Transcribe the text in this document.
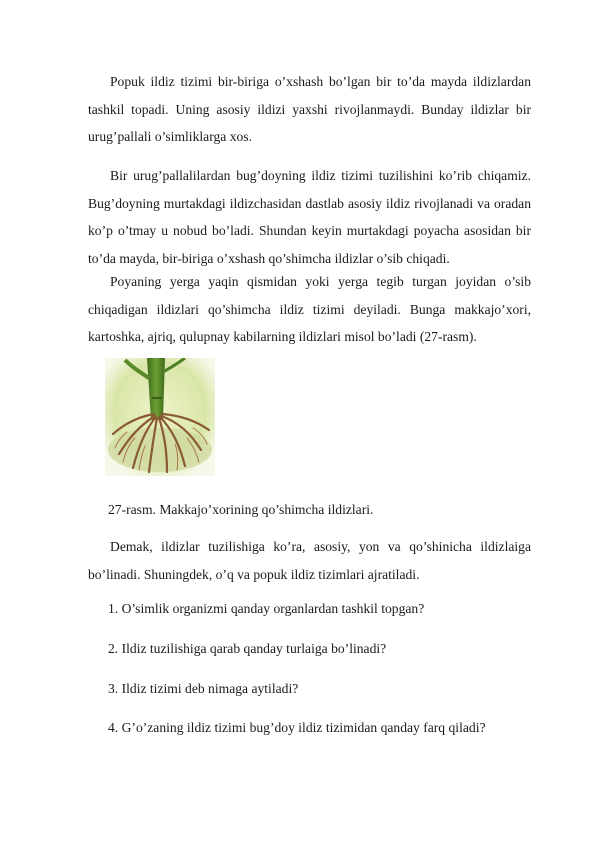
Popuk ildiz tizimi bir-biriga o’xshash bo’lgan bir to’da mayda ildizlardan tashkil topadi. Uning asosiy ildizi yaxshi rivojlanmaydi. Bunday ildizlar bir urug’pallali o’simliklarga xos.

Bir urug’pallalilardan bug’doyning ildiz tizimi tuzilishini ko’rib chiqamiz. Bug’doyning murtakdagi ildizchasidan dastlab asosiy ildiz rivojlanadi va oradan ko’p o’tmay u nobud bo’ladi. Shundan keyin murtakdagi poyacha asosidan bir to’da mayda, bir-biriga o’xshash qo’shimcha ildizlar o’sib chiqadi.

Poyaning yerga yaqin qismidan yoki yerga tegib turgan joyidan o’sib chiqadigan ildizlari qo’shimcha ildiz tizimi deyiladi. Bunga makkajo’xori, kartoshka, ajriq, qulupnay kabilarning ildizlari misol bo’ladi (27-rasm).

27-rasm. Makkajo’xorining qo’shimcha ildizlari.

Demak, ildizlar tuzilishiga ko’ra, asosiy, yon va qo’shinicha ildizlaiga bo’linadi. Shuningdek, o’q va popuk ildiz tizimlari ajratiladi.

1. O’simlik organizmi qanday organlardan tashkil topgan?
2. Ildiz tuzilishiga qarab qanday turlaiga bo’linadi?
3. Ildiz tizimi deb nimaga aytiladi?
4. G’o’zaning ildiz tizimi bug’doy ildiz tizimidan qanday farq qiladi?
